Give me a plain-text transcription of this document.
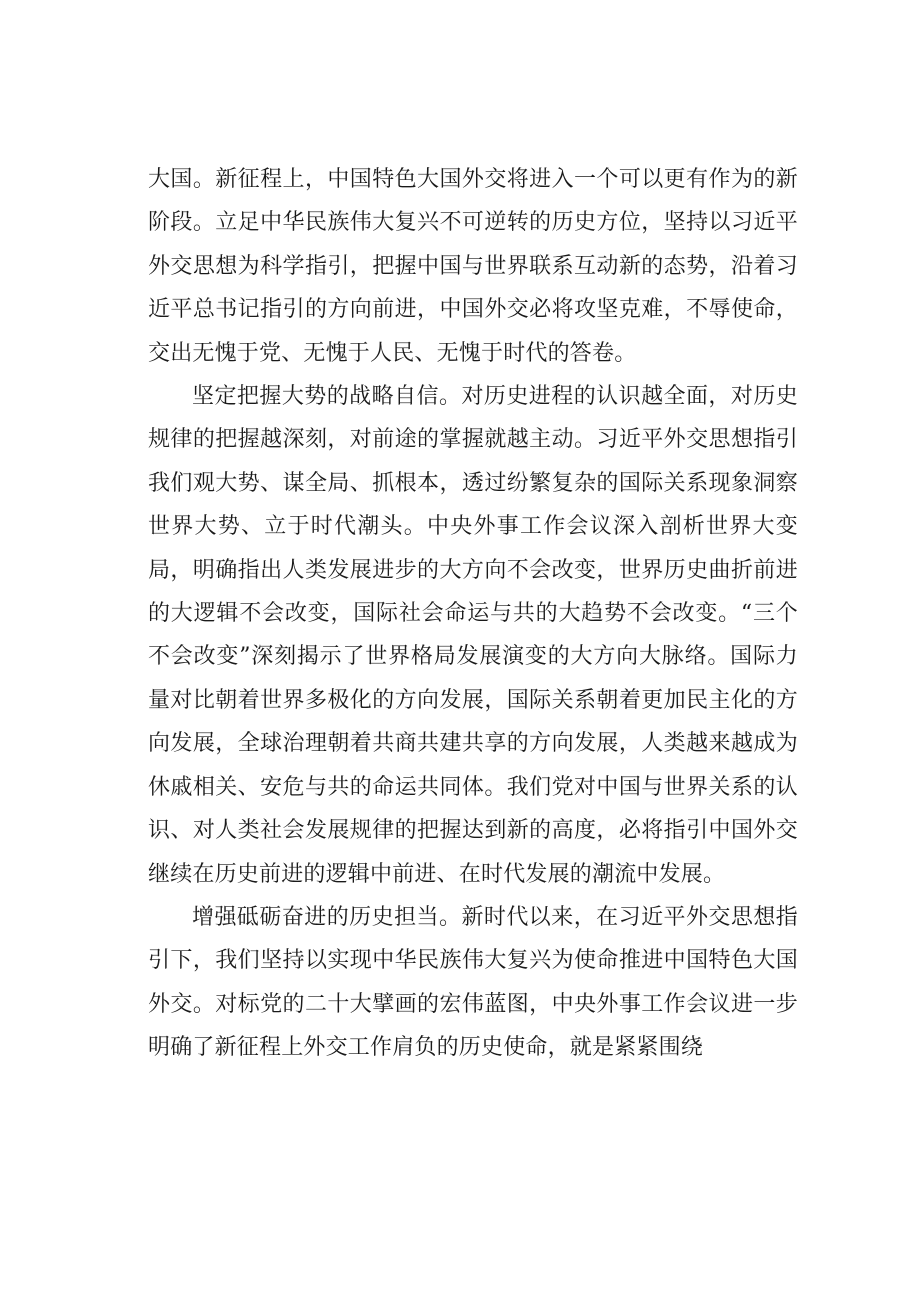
大国。新征程上，中国特色大国外交将进入一个可以更有作为的新阶段。立足中华民族伟大复兴不可逆转的历史方位，坚持以习近平外交思想为科学指引，把握中国与世界联系互动新的态势，沿着习近平总书记指引的方向前进，中国外交必将攻坚克难，不辱使命，交出无愧于党、无愧于人民、无愧于时代的答卷。

坚定把握大势的战略自信。对历史进程的认识越全面，对历史规律的把握越深刻，对前途的掌握就越主动。习近平外交思想指引我们观大势、谋全局、抓根本，透过纷繁复杂的国际关系现象洞察世界大势、立于时代潮头。中央外事工作会议深入剖析世界大变局，明确指出人类发展进步的大方向不会改变，世界历史曲折前进的大逻辑不会改变，国际社会命运与共的大趋势不会改变。“三个不会改变”深刻揭示了世界格局发展演变的大方向大脉络。国际力量对比朝着世界多极化的方向发展，国际关系朝着更加民主化的方向发展，全球治理朝着共商共建共享的方向发展，人类越来越成为休戚相关、安危与共的命运共同体。我们党对中国与世界关系的认识、对人类社会发展规律的把握达到新的高度，必将指引中国外交继续在历史前进的逻辑中前进、在时代发展的潮流中发展。

增强砥砺奋进的历史担当。新时代以来，在习近平外交思想指引下，我们坚持以实现中华民族伟大复兴为使命推进中国特色大国外交。对标党的二十大擘画的宏伟蓝图，中央外事工作会议进一步明确了新征程上外交工作肩负的历史使命，就是紧紧围绕
